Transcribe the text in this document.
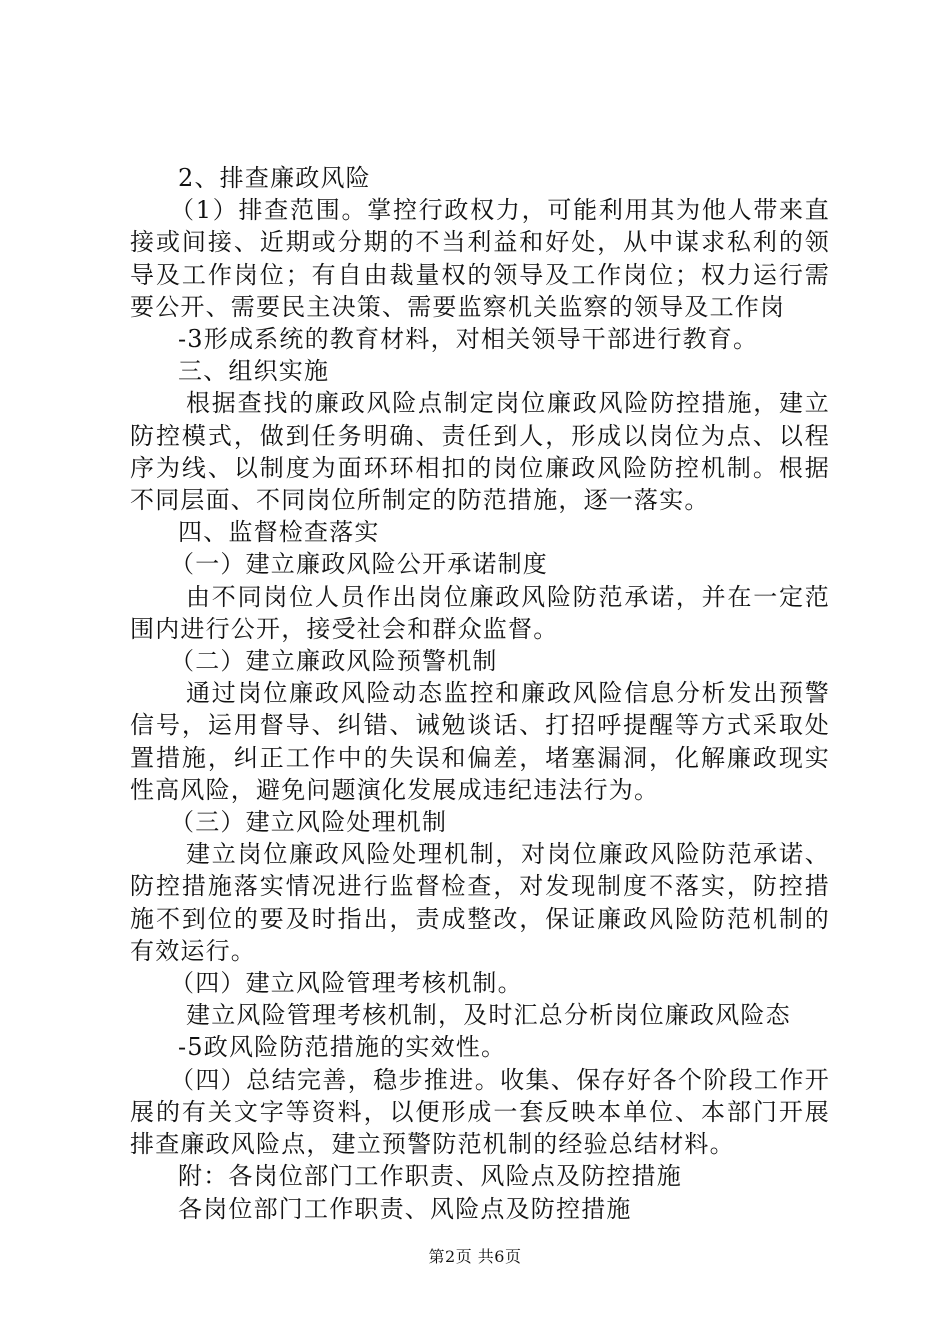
2、排查廉政风险

（1）排查范围。掌控行政权力，可能利用其为他人带来直接或间接、近期或分期的不当利益和好处，从中谋求私利的领导及工作岗位；有自由裁量权的领导及工作岗位；权力运行需要公开、需要民主决策、需要监察机关监察的领导及工作岗

-3形成系统的教育材料，对相关领导干部进行教育。

三、组织实施

根据查找的廉政风险点制定岗位廉政风险防控措施，建立防控模式，做到任务明确、责任到人，形成以岗位为点、以程序为线、以制度为面环环相扣的岗位廉政风险防控机制。根据不同层面、不同岗位所制定的防范措施，逐一落实。

四、监督检查落实

（一）建立廉政风险公开承诺制度

由不同岗位人员作出岗位廉政风险防范承诺，并在一定范围内进行公开，接受社会和群众监督。

（二）建立廉政风险预警机制

通过岗位廉政风险动态监控和廉政风险信息分析发出预警信号，运用督导、纠错、诫勉谈话、打招呼提醒等方式采取处置措施，纠正工作中的失误和偏差，堵塞漏洞，化解廉政现实性高风险，避免问题演化发展成违纪违法行为。

（三）建立风险处理机制

建立岗位廉政风险处理机制，对岗位廉政风险防范承诺、防控措施落实情况进行监督检查，对发现制度不落实，防控措施不到位的要及时指出，责成整改，保证廉政风险防范机制的有效运行。

（四）建立风险管理考核机制。

建立风险管理考核机制，及时汇总分析岗位廉政风险态

-5政风险防范措施的实效性。

（四）总结完善，稳步推进。收集、保存好各个阶段工作开展的有关文字等资料，以便形成一套反映本单位、本部门开展排查廉政风险点，建立预警防范机制的经验总结材料。

附：各岗位部门工作职责、风险点及防控措施

各岗位部门工作职责、风险点及防控措施

第2页 共6页
